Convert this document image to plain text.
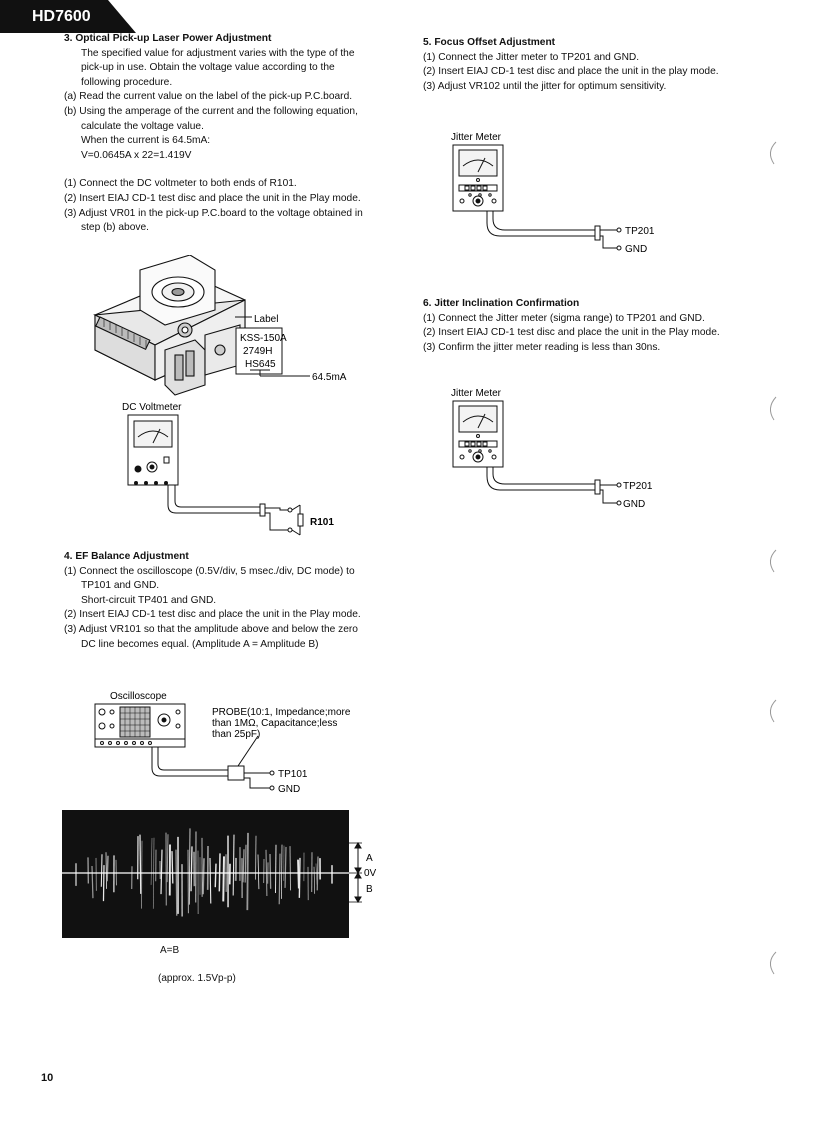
HD7600

3. Optical Pick-up Laser Power Adjustment

The specified value for adjustment varies with the type of the pick-up in use. Obtain the voltage value according to the following procedure.

(a) Read the current value on the label of the pick-up P.C.board.

(b) Using the amperage of the current and the following equation, calculate the voltage value.

When the current is 64.5mA:

V=0.0645A x 22=1.419V

(1) Connect the DC voltmeter to both ends of R101.

(2) Insert EIAJ CD-1 test disc and place the unit in the Play mode.

(3) Adjust VR01 in the pick-up P.C.board to the voltage obtained in step (b) above.

Label
KSS-150A
2749H
HS645
64.5mA
DC Voltmeter
R101

4. EF Balance Adjustment

(1) Connect the oscilloscope (0.5V/div, 5 msec./div, DC mode) to TP101 and GND.

Short-circuit TP401 and GND.

(2) Insert EIAJ CD-1 test disc and place the unit in the Play mode.

(3) Adjust VR101 so that the amplitude above and below the zero DC line becomes equal. (Amplitude A = Amplitude B)

Oscilloscope
PROBE(10:1, Impedance;more than 1MΩ, Capacitance;less than 25pF)
TP101
GND
A
0V
B
A=B
(approx. 1.5Vp-p)

5. Focus Offset Adjustment

(1) Connect the Jitter meter to TP201 and GND.

(2) Insert EIAJ CD-1 test disc and place the unit in the play mode.

(3) Adjust VR102 until the jitter for optimum sensitivity.

Jitter Meter
TP201
GND

6. Jitter Inclination Confirmation

(1) Connect the Jitter meter (sigma range) to TP201 and GND.

(2) Insert EIAJ CD-1 test disc and place the unit in the Play mode.

(3) Confirm the jitter meter reading is less than 30ns.

Jitter Meter
TP201
GND
10
